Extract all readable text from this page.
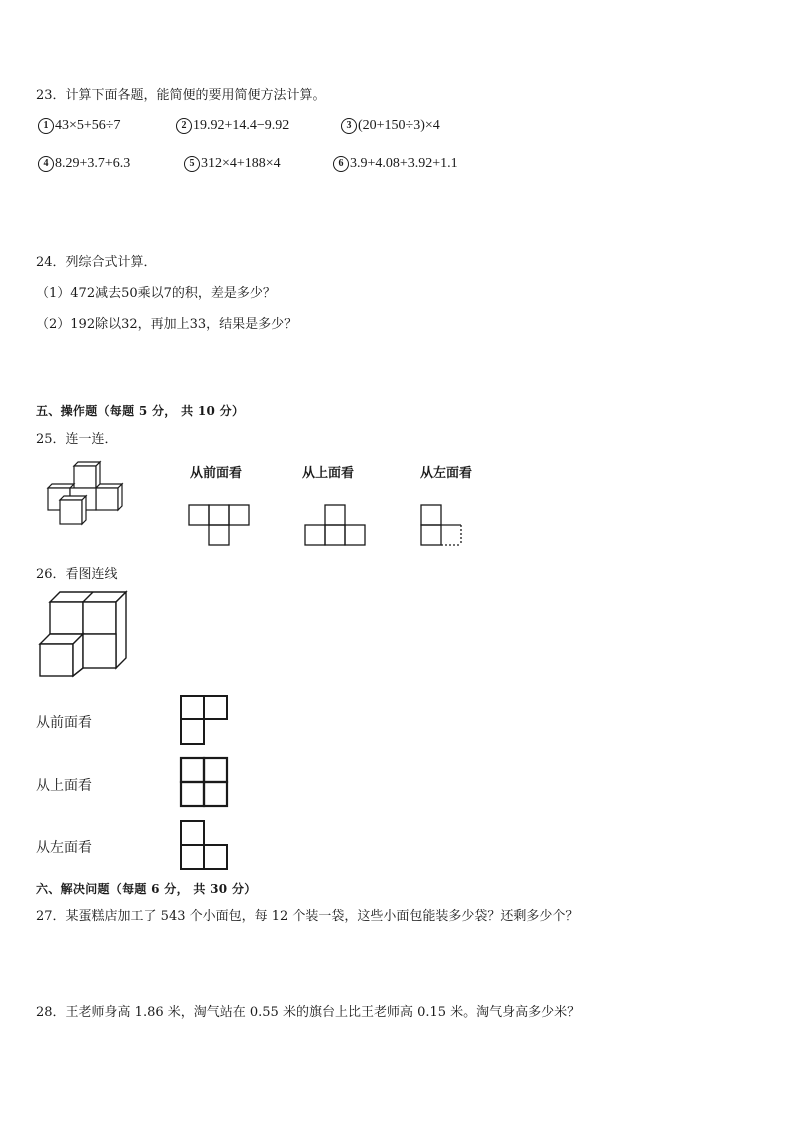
23．计算下面各题，能简便的要用简便方法计算。
1 43×5+56÷7	2 19.92+14.4−9.92	3 (20+150÷3)×4
4 8.29+3.7+6.3	5 312×4+188×4	6 3.9+4.08+3.92+1.1
24．列综合式计算．
（1）472减去50乘以7的积，差是多少？
（2）192除以32，再加上33，结果是多少？
五、操作题（每题 5 分， 共 10 分）
25．连一连．
从前面看	从上面看	从左面看
26．看图连线
从前面看
从上面看
从左面看
六、解决问题（每题 6 分， 共 30 分）
27．某蛋糕店加工了 543 个小面包，每 12 个装一袋，这些小面包能装多少袋？还剩多少个？
28．王老师身高 1.86 米，淘气站在 0.55 米的旗台上比王老师高 0.15 米。淘气身高多少米？
